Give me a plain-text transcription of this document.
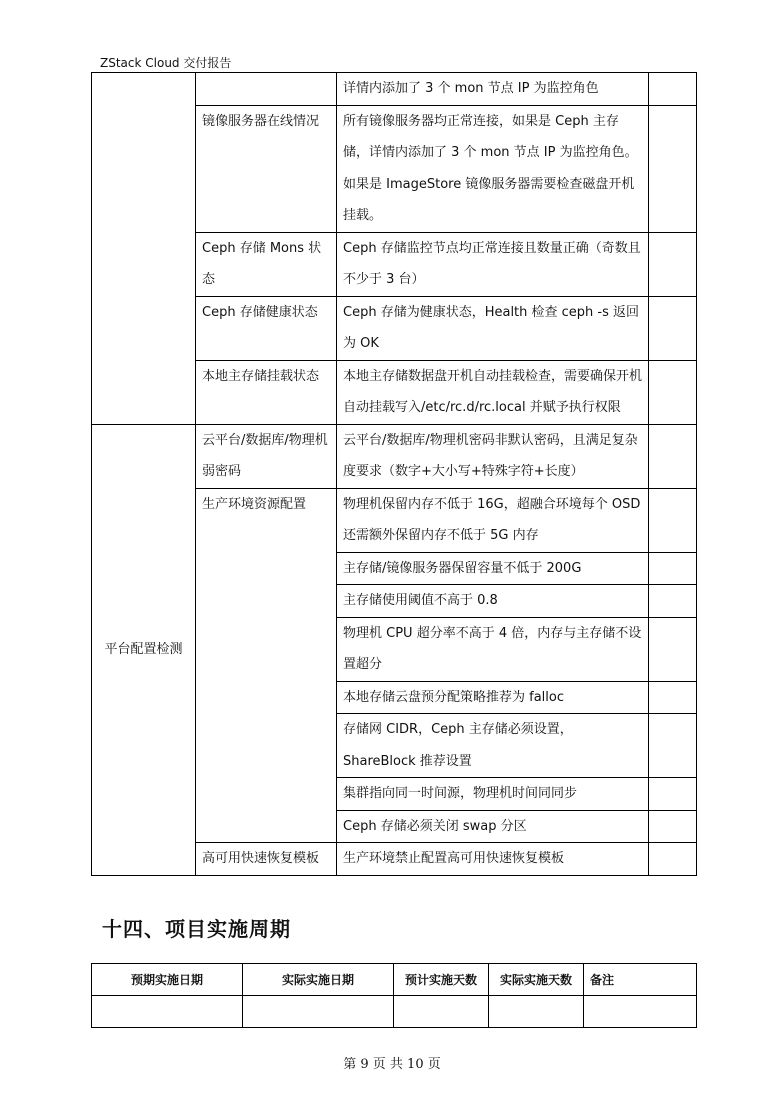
ZStack Cloud 交付报告
		详情内添加了 3 个 mon 节点 IP 为监控角色	
	镜像服务器在线情况	所有镜像服务器均正常连接，如果是 Ceph 主存储，详情内添加了 3 个 mon 节点 IP 为监控角色。如果是 ImageStore 镜像服务器需要检查磁盘开机挂载。	
	Ceph 存储 Mons 状态	Ceph 存储监控节点均正常连接且数量正确（奇数且不少于 3 台）	
	Ceph 存储健康状态	Ceph 存储为健康状态，Health 检查 ceph -s 返回为 OK	
	本地主存储挂载状态	本地主存储数据盘开机自动挂载检查，需要确保开机自动挂载写入/etc/rc.d/rc.local 并赋予执行权限	
平台配置检测	云平台/数据库/物理机弱密码	云平台/数据库/物理机密码非默认密码，且满足复杂度要求（数字+大小写+特殊字符+长度）	
	生产环境资源配置	物理机保留内存不低于 16G，超融合环境每个 OSD 还需额外保留内存不低于 5G 内存	
		主存储/镜像服务器保留容量不低于 200G	
		主存储使用阈值不高于 0.8	
		物理机 CPU 超分率不高于 4 倍，内存与主存储不设置超分	
		本地存储云盘预分配策略推荐为 falloc	
		存储网 CIDR，Ceph 主存储必须设置，ShareBlock 推荐设置	
		集群指向同一时间源，物理机时间同同步	
		Ceph 存储必须关闭 swap 分区	
	高可用快速恢复模板	生产环境禁止配置高可用快速恢复模板	
十四、项目实施周期
预期实施日期	实际实施日期	预计实施天数	实际实施天数	备注

第 9 页 共 10 页
